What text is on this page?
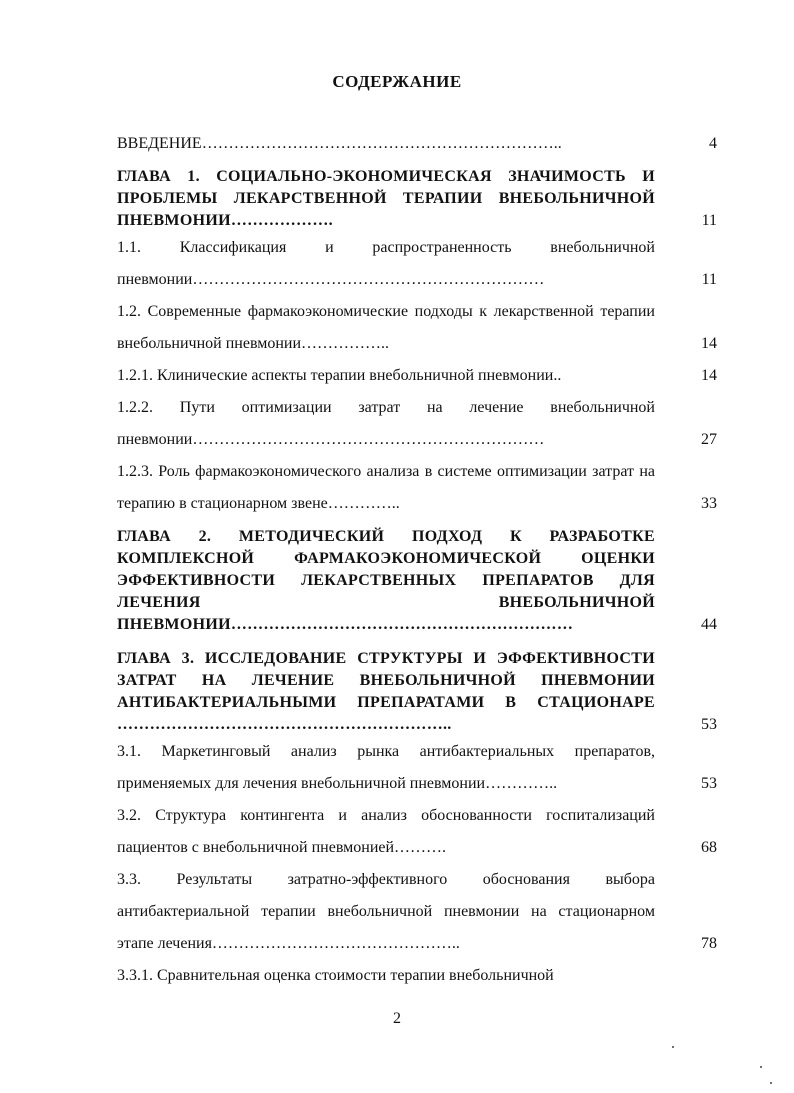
СОДЕРЖАНИЕ
ВВЕДЕНИЕ…………………………………………………………..	4
ГЛАВА 1. СОЦИАЛЬНО-ЭКОНОМИЧЕСКАЯ ЗНАЧИМОСТЬ И ПРОБЛЕМЫ ЛЕКАРСТВЕННОЙ ТЕРАПИИ ВНЕБОЛЬНИЧНОЙ ПНЕВМОНИИ……………….	11
1.1. Классификация и распространенность внебольничной пневмонии…………………………………………………………	11
1.2. Современные фармакоэкономические подходы к лекарственной терапии внебольничной пневмонии……………..	14
1.2.1. Клинические аспекты терапии внебольничной пневмонии..	14
1.2.2. Пути оптимизации затрат на лечение внебольничной пневмонии…………………………………………………………	27
1.2.3. Роль фармакоэкономического анализа в системе оптимизации затрат на терапию в стационарном звене…………..	33
ГЛАВА 2. МЕТОДИЧЕСКИЙ ПОДХОД К РАЗРАБОТКЕ КОМПЛЕКСНОЙ ФАРМАКОЭКОНОМИЧЕСКОЙ ОЦЕНКИ ЭФФЕКТИВНОСТИ ЛЕКАРСТВЕННЫХ ПРЕПАРАТОВ ДЛЯ ЛЕЧЕНИЯ ВНЕБОЛЬНИЧНОЙ ПНЕВМОНИИ………………………………………………………	44
ГЛАВА 3. ИССЛЕДОВАНИЕ СТРУКТУРЫ И ЭФФЕКТИВНОСТИ ЗАТРАТ НА ЛЕЧЕНИЕ ВНЕБОЛЬНИЧНОЙ ПНЕВМОНИИ АНТИБАКТЕРИАЛЬНЫМИ ПРЕПАРАТАМИ В СТАЦИОНАРЕ ……………………………………………………..	53
3.1. Маркетинговый анализ рынка антибактериальных препаратов, применяемых для лечения внебольничной пневмонии…………..	53
3.2. Структура контингента и анализ обоснованности госпитализаций пациентов с внебольничной пневмонией……….	68
3.3. Результаты затратно-эффективного обоснования выбора антибактериальной терапии внебольничной пневмонии на стационарном этапе лечения………………………………………..	78
3.3.1. Сравнительная оценка стоимости терапии внебольничной
2
